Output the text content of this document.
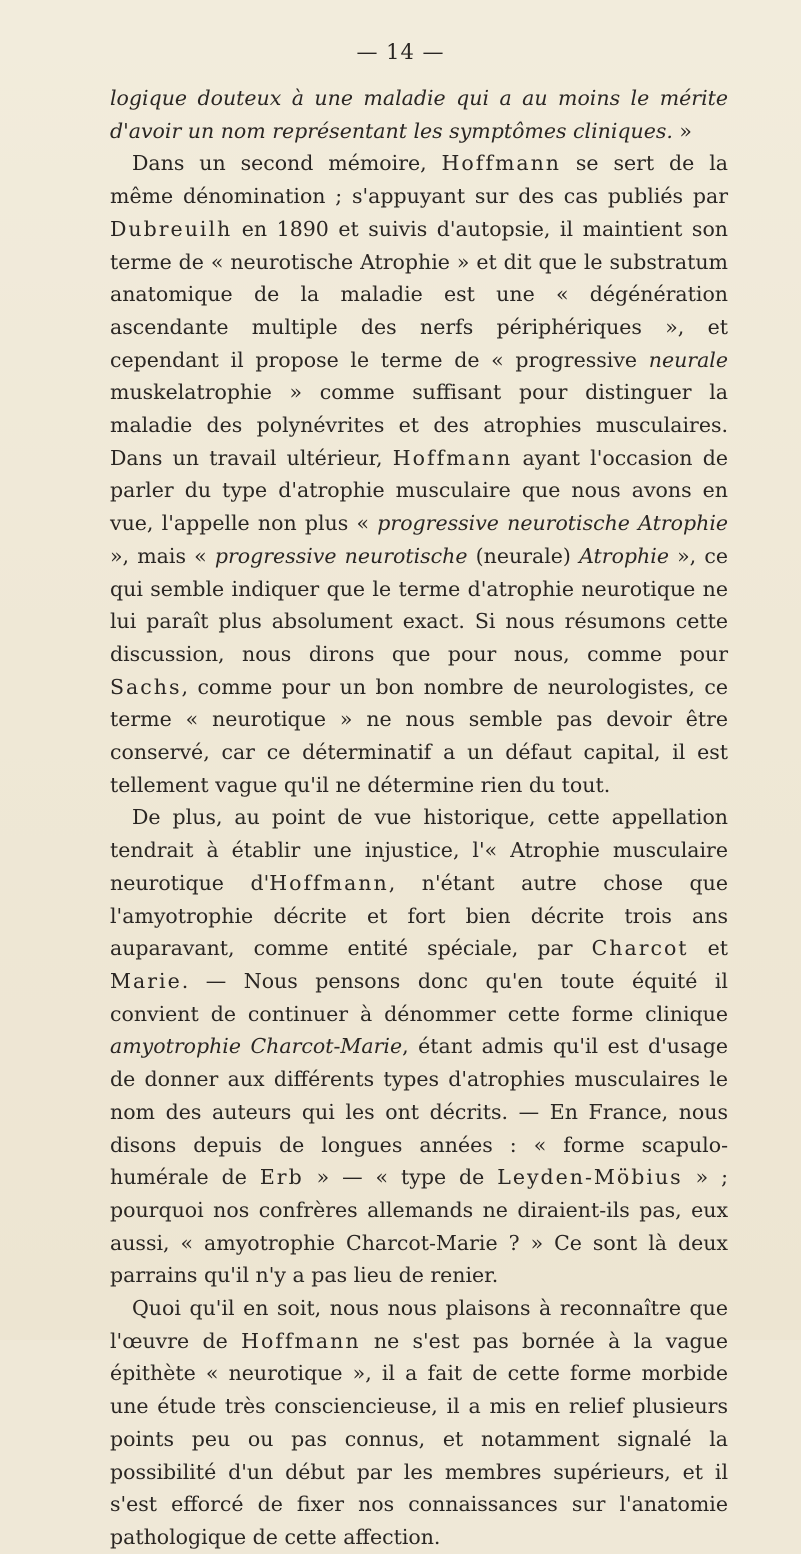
— 14 —

logique douteux à une maladie qui a au moins le mérite d'avoir un nom représentant les symptômes cliniques. »

Dans un second mémoire, Hoffmann se sert de la même dénomination ; s'appuyant sur des cas publiés par Dubreuilh en 1890 et suivis d'autopsie, il maintient son terme de « neurotische Atrophie » et dit que le substratum anatomique de la maladie est une « dégénération ascendante multiple des nerfs périphériques », et cependant il propose le terme de « progressive neurale muskelatrophie » comme suffisant pour distinguer la maladie des polynévrites et des atrophies musculaires. Dans un travail ultérieur, Hoffmann ayant l'occasion de parler du type d'atrophie musculaire que nous avons en vue, l'appelle non plus « progressive neurotische Atrophie », mais « progressive neurotische (neurale) Atrophie », ce qui semble indiquer que le terme d'atrophie neurotique ne lui paraît plus absolument exact. Si nous résumons cette discussion, nous dirons que pour nous, comme pour Sachs, comme pour un bon nombre de neurologistes, ce terme « neurotique » ne nous semble pas devoir être conservé, car ce déterminatif a un défaut capital, il est tellement vague qu'il ne détermine rien du tout.

De plus, au point de vue historique, cette appellation tendrait à établir une injustice, l'« Atrophie musculaire neurotique d'Hoffmann, n'étant autre chose que l'amyotrophie décrite et fort bien décrite trois ans auparavant, comme entité spéciale, par Charcot et Marie. — Nous pensons donc qu'en toute équité il convient de continuer à dénommer cette forme clinique amyotrophie Charcot-Marie, étant admis qu'il est d'usage de donner aux différents types d'atrophies musculaires le nom des auteurs qui les ont décrits. — En France, nous disons depuis de longues années : « forme scapulo-humérale de Erb » — « type de Leyden-Möbius » ; pourquoi nos confrères allemands ne diraient-ils pas, eux aussi, « amyotrophie Charcot-Marie ? » Ce sont là deux parrains qu'il n'y a pas lieu de renier.

Quoi qu'il en soit, nous nous plaisons à reconnaître que l'œuvre de Hoffmann ne s'est pas bornée à la vague épithète « neurotique », il a fait de cette forme morbide une étude très consciencieuse, il a mis en relief plusieurs points peu ou pas connus, et notamment signalé la possibilité d'un début par les membres supérieurs, et il s'est efforcé de fixer nos connaissances sur l'anatomie pathologique de cette affection.
